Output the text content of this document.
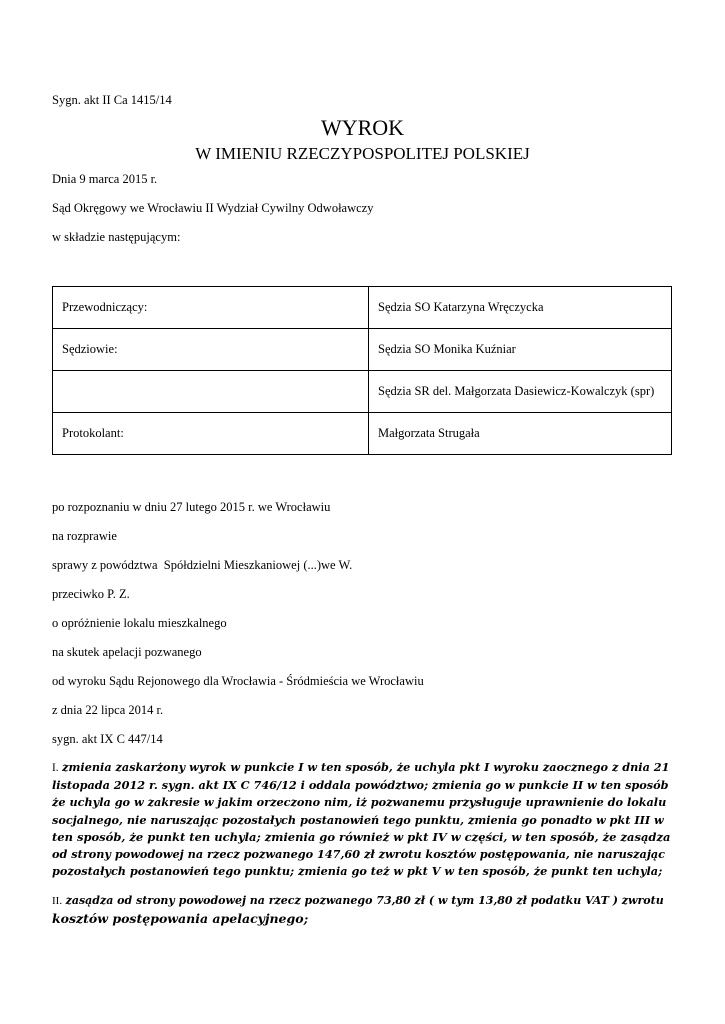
Sygn. akt II Ca 1415/14
WYROK
W IMIENIU RZECZYPOSPOLITEJ POLSKIEJ
Dnia 9 marca 2015 r.
Sąd Okręgowy we Wrocławiu II Wydział Cywilny Odwoławczy
w składzie następującym:
Przewodniczący:	Sędzia SO Katarzyna Wręczycka
Sędziowie:	Sędzia SO Monika Kuźniar
	Sędzia SR del. Małgorzata Dasiewicz-Kowalczyk (spr)
Protokolant:	Małgorzata Strugała
po rozpoznaniu w dniu 27 lutego 2015 r. we Wrocławiu
na rozprawie
sprawy z powództwa  Spółdzielni Mieszkaniowej (...)we W.
przeciwko P. Z.
o opróżnienie lokalu mieszkalnego
na skutek apelacji pozwanego
od wyroku Sądu Rejonowego dla Wrocławia - Śródmieścia we Wrocławiu
z dnia 22 lipca 2014 r.
sygn. akt IX C 447/14
I. zmienia zaskarżony wyrok w punkcie I w ten sposób, że uchyla pkt I wyroku zaocznego z dnia 21
listopada 2012 r. sygn. akt IX C 746/12 i oddala powództwo; zmienia go w punkcie II w ten sposób
że uchyla go w zakresie w jakim orzeczono nim, iż pozwanemu przysługuje uprawnienie do lokalu
socjalnego, nie naruszając pozostałych postanowień tego punktu, zmienia go ponadto w pkt III w
ten sposób, że punkt ten uchyla; zmienia go również w pkt IV w części, w ten sposób, że zasądza
od strony powodowej na rzecz pozwanego 147,60 zł zwrotu kosztów postępowania, nie naruszając
pozostałych postanowień tego punktu; zmienia go też w pkt V w ten sposób, że punkt ten uchyla;
II. zasądza od strony powodowej na rzecz pozwanego 73,80 zł ( w tym 13,80 zł podatku VAT ) zwrotu
kosztów postępowania apelacyjnego;
